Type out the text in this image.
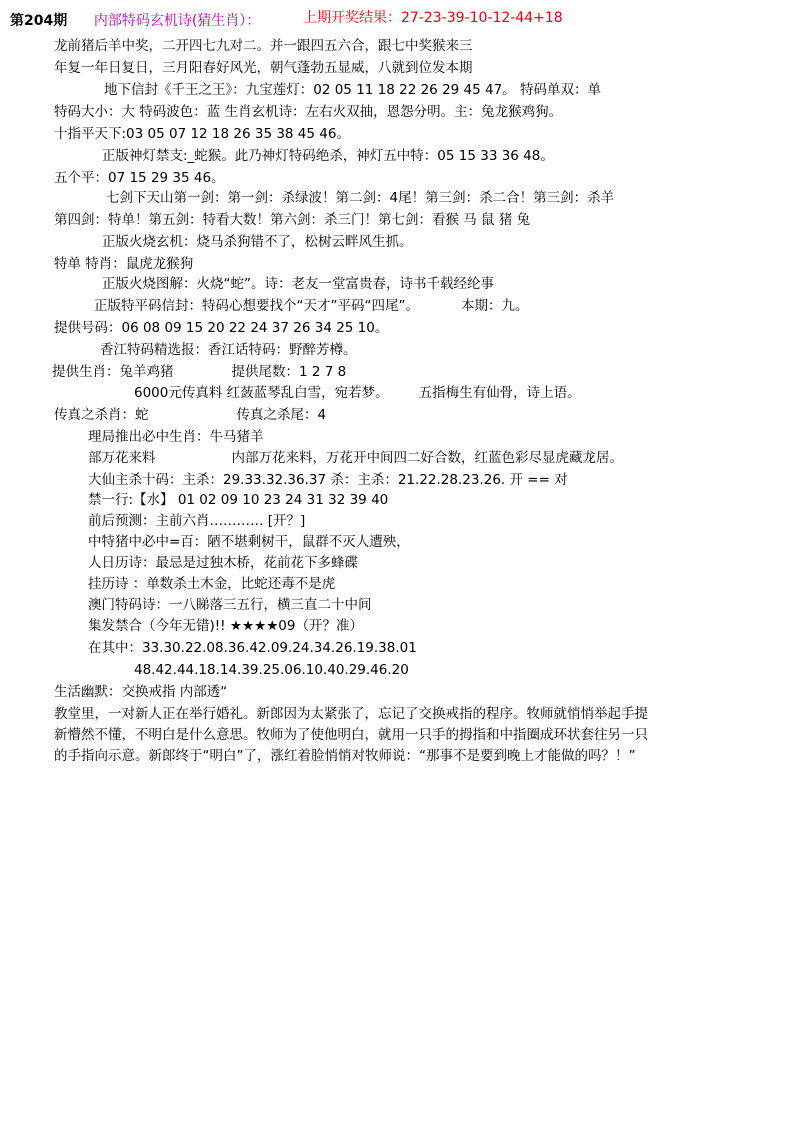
第204期 内部特码玄机诗(猜生肖）：	上期开奖结果：27-23-39-10-12-44+18
龙前猪后羊中奖，二开四七九对二。并一跟四五六合，跟七中奖猴来三
年复一年日复日，三月阳春好风光，朝气蓬勃五显威，八就到位发本期
地下信封《千王之王》：九宝莲灯：02 05 11 18 22 26 29 45 47。 特码单双：单
特码大小：大 特码波色：蓝 生肖玄机诗：左右火双抽，恩怨分明。主：兔龙猴鸡狗。
十指平天下:03 05 07 12 18 26 35 38 45 46。
正版神灯禁支:_蛇猴。此乃神灯特码绝杀，神灯五中特：05 15 33 36 48。
五个平：07 15 29 35 46。
七剑下天山第一剑：第一剑：杀绿波！第二剑：4尾！第三剑：杀二合！第三剑：杀羊
第四剑：特单！第五剑：特看大数！第六剑：杀三门！第七剑：看猴 马 鼠 猪 兔
正版火烧玄机：烧马杀狗错不了，松树云畔风生抓。
特单 特肖：鼠虎龙猴狗
正版火烧图解：火烧“蛇”。诗：老友一堂富贵春，诗书千载经纶事
正版特平码信封：特码心想要找个“天才”平码“四尾”。	本期：九。
提供号码：06 08 09 15 20 22 24 37 26 34 25 10。
香江特码精选报：香江话特码：野醉芳樽。
提供生肖：兔羊鸡猪	提供尾数：1 2 7 8
6000元传真料 红蔹蓝琴乱白雪，宛若梦。 五指梅生有仙骨，诗上语。
传真之杀肖：蛇	传真之杀尾：4
理局推出必中生肖：牛马猪羊
部万花来料	内部万花来料，万花开中间四二好合数，红蓝色彩尽显虎藏龙居。
大仙主杀十码：主杀：29.33.32.36.37 杀：主杀：21.22.28.23.26. 开 == 对
禁一行:【水】 01 02 09 10 23 24 31 32 39 40
前后预测：主前六肖………… [开？]
中特猪中必中=百：陋不堪剩树干，鼠群不灭人遭殃，
人日历诗：最忌是过独木桥，花前花下多蜂碟
挂历诗 ：单数杀土木金，比蛇还毒不是虎
澳门特码诗：一八睇落三五行，横三直二十中间
集发禁合（今年无错)!! ★★★★09（开？准）
在其中：33.30.22.08.36.42.09.24.34.26.19.38.01
48.42.44.18.14.39.25.06.10.40.29.46.20
生活幽默：交换戒指 内部透“
教堂里，一对新人正在举行婚礼。新郎因为太紧张了，忘记了交换戒指的程序。牧师就悄悄举起手提
新懵然不懂，不明白是什么意思。牧师为了使他明白，就用一只手的拇指和中指圈成环状套往另一只
的手指向示意。新郎终于“明白”了，涨红着脸悄悄对牧师说：“那事不是要到晚上才能做的吗？！”
